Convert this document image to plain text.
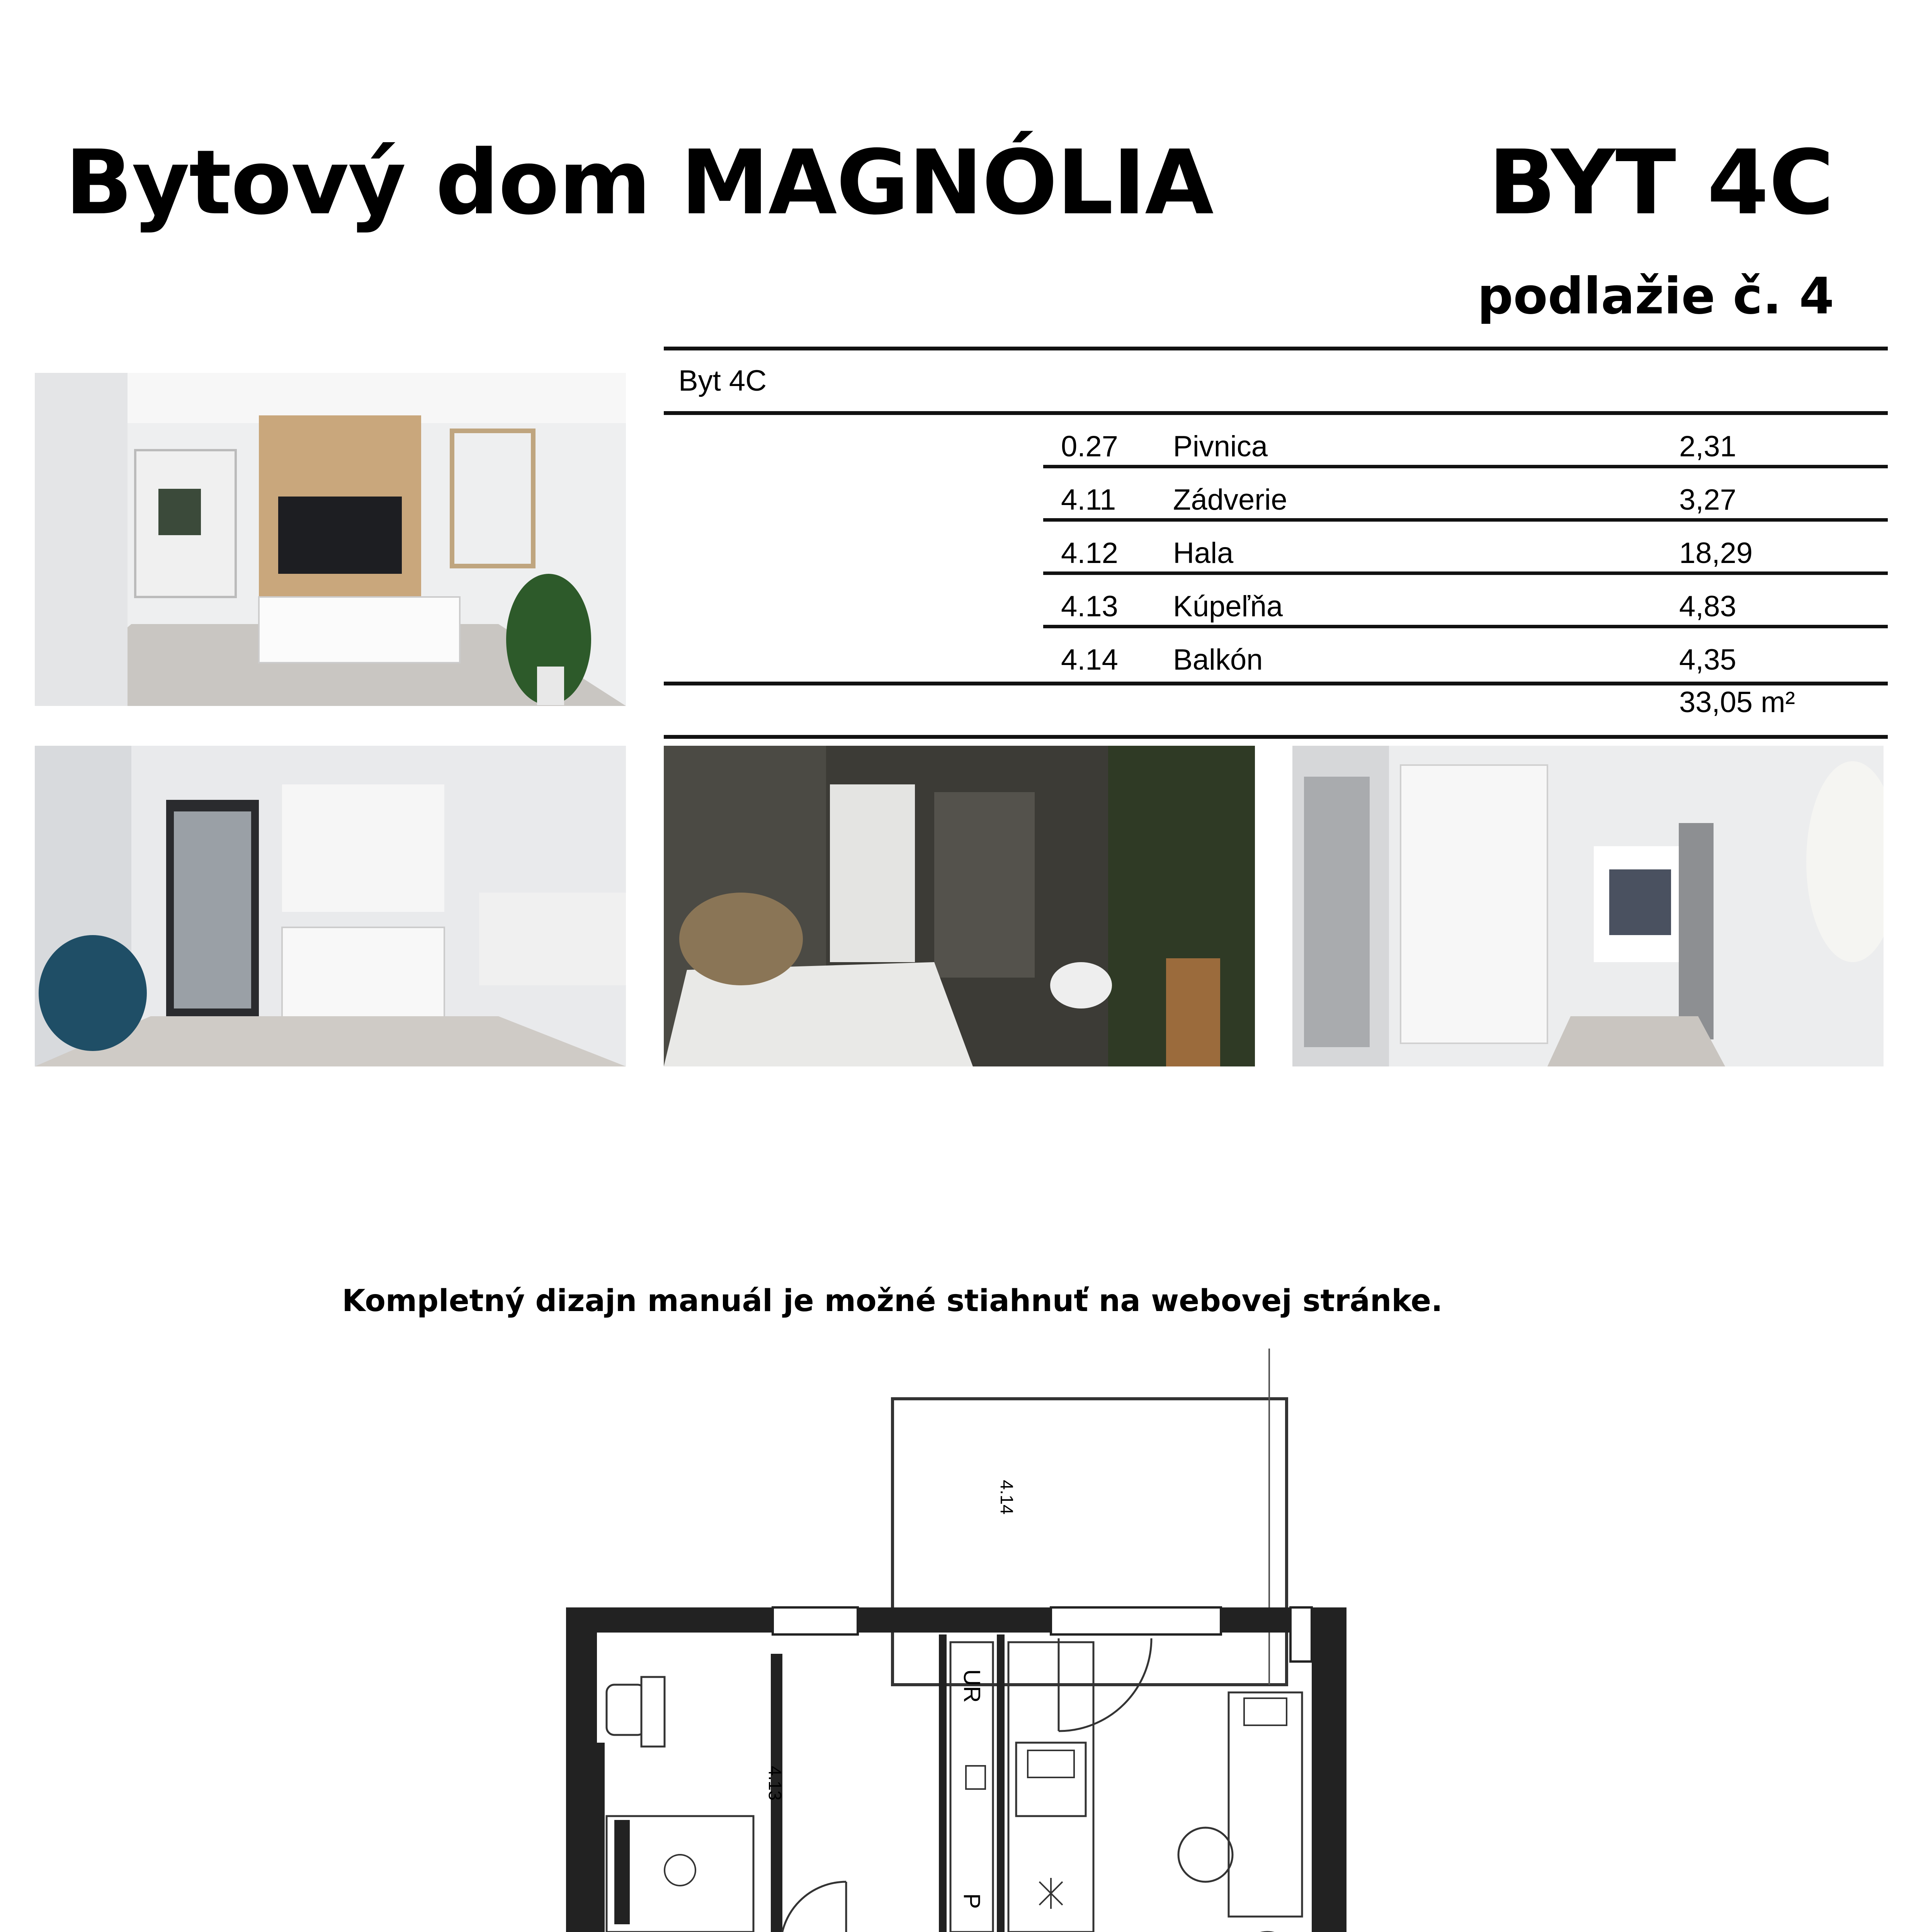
Bytový dom MAGNÓLIA	BYT 4C
podlažie č. 4
Byt 4C
0.27 Pivnica	2,31
4.11 Zádverie	3,27
4.12 Hala	18,29
4.13 Kúpeľňa	4,83
4.14 Balkón	4,35
33,05 m²
Kompletný dizajn manuál je možné stiahnuť na webovej stránke.
4.14
4.13
UR
P
